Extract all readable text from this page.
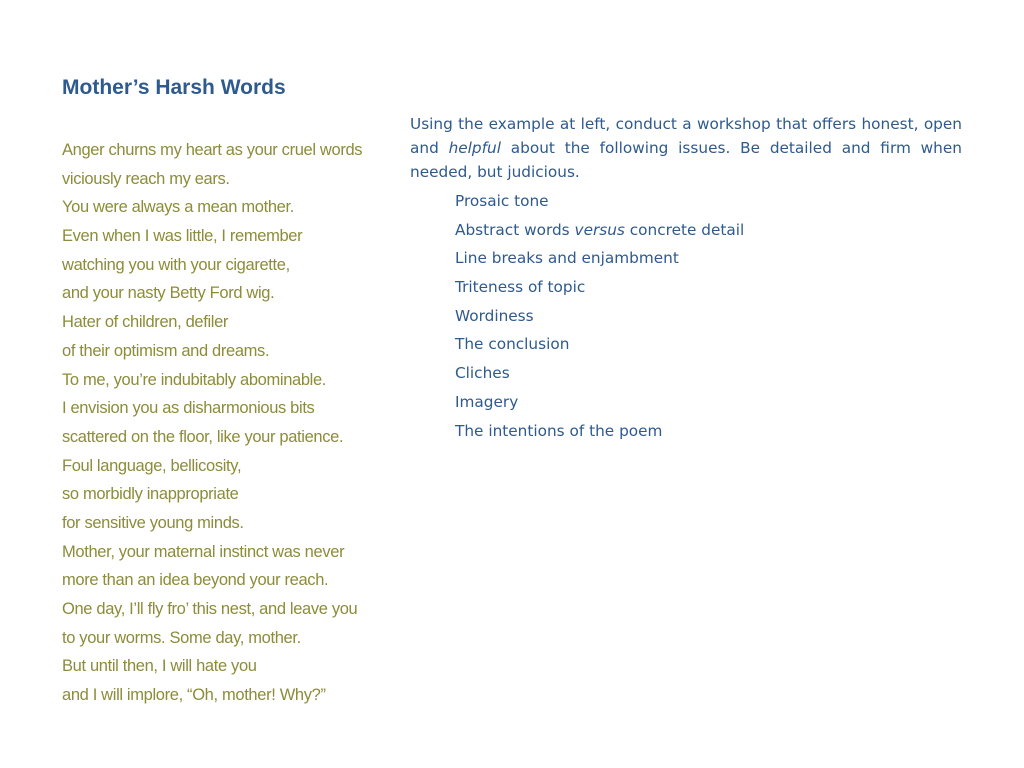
Mother’s Harsh Words
Anger churns my heart as your cruel words
viciously reach my ears.
You were always a mean mother.
Even when I was little, I remember
watching you with your cigarette,
and your nasty Betty Ford wig.
Hater of children, defiler
of their optimism and dreams.
To me, you’re indubitably abominable.
I envision you as disharmonious bits
scattered on the floor, like your patience.
Foul language, bellicosity,
so morbidly inappropriate
for sensitive young minds.
Mother, your maternal instinct was never
more than an idea beyond your reach.
One day, I’ll fly fro’ this nest, and leave you
to your worms. Some day, mother.
But until then, I will hate you
and I will implore, “Oh, mother! Why?”

Using the example at left, conduct a workshop that offers honest, open and helpful about the following issues. Be detailed and firm when needed, but judicious.

Prosaic tone
Abstract words versus concrete detail
Line breaks and enjambment
Triteness of topic
Wordiness
The conclusion
Cliches
Imagery
The intentions of the poem
